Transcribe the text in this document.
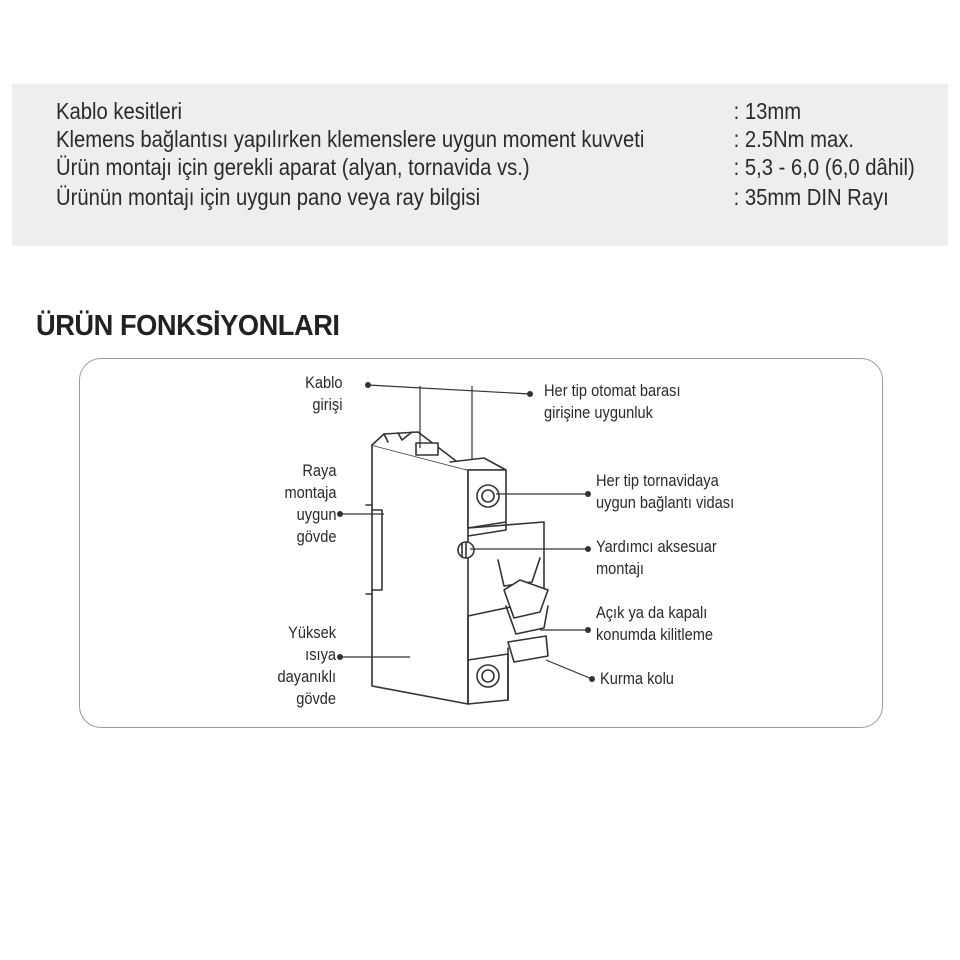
Kablo kesitleri	: 13mm
Klemens bağlantısı yapılırken klemenslere uygun moment kuvveti	: 2.5Nm max.
Ürün montajı için gerekli aparat (alyan, tornavida vs.)	: 5,3 - 6,0 (6,0 dâhil)
Ürünün montajı için uygun pano veya ray bilgisi	: 35mm DIN Rayı
ÜRÜN FONKSİYONLARI
Kablo
girişi
Raya
montaja
uygun
gövde
Yüksek
ısıya
dayanıklı
gövde
Her tip otomat barası
girişine uygunluk
Her tip tornavidaya
uygun bağlantı vidası
Yardımcı aksesuar
montajı
Açık ya da kapalı
konumda kilitleme
Kurma kolu
